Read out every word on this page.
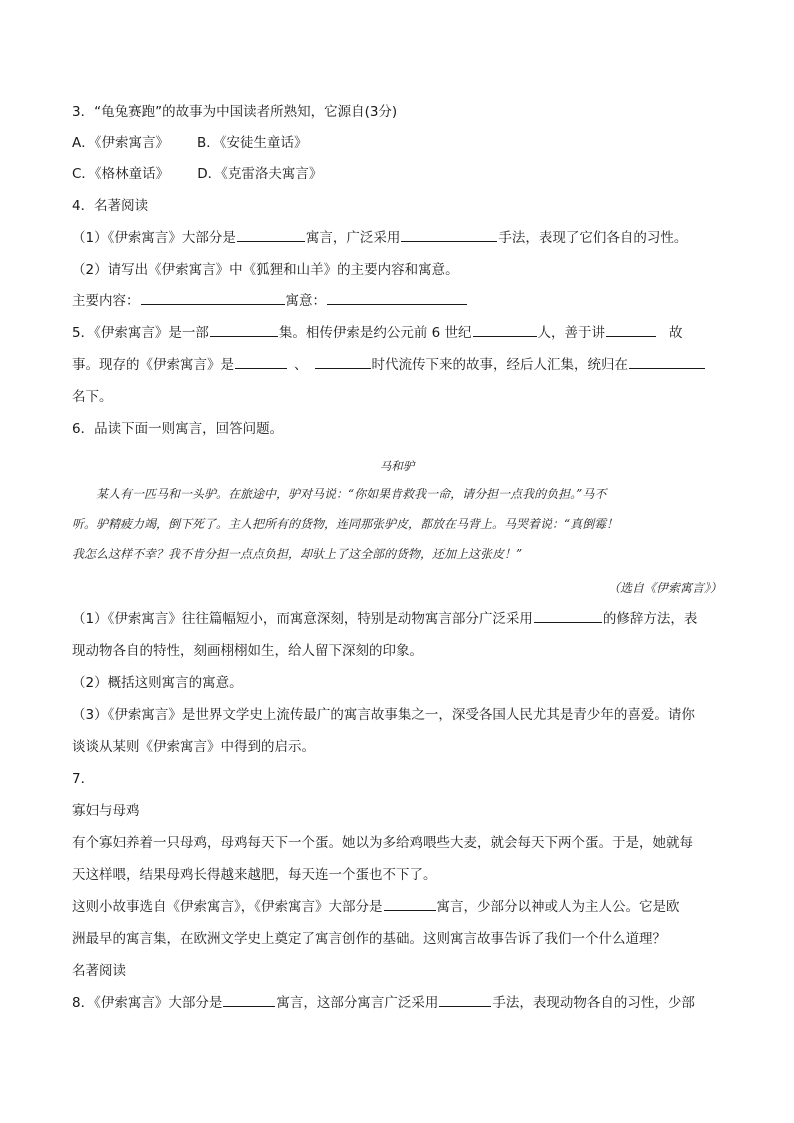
3．“龟兔赛跑”的故事为中国读者所熟知，它源自(3分)
A．《伊索寓言》 B．《安徒生童话》
C．《格林童话》 D．《克雷洛夫寓言》
4．名著阅读
（1）《伊索寓言》大部分是	寓言，广泛采用	手法，表现了它们各自的习性。
（2）请写出《伊索寓言》中《狐狸和山羊》的主要内容和寓意。
主要内容：	寓意：
5．《伊索寓言》是一部	集。相传伊索是约公元前 6 世纪	人，善于讲	故
事。现存的《伊索寓言》是	、	时代流传下来的故事，经后人汇集，统归在
名下。
6．品读下面一则寓言，回答问题。
马和驴
某人有一匹马和一头驴。在旅途中，驴对马说：“你如果肯救我一命，请分担一点我的负担。”马不
听。驴精疲力竭，倒下死了。主人把所有的货物，连同那张驴皮，都放在马背上。马哭着说：“真倒霉！
我怎么这样不幸？我不肯分担一点点负担，却驮上了这全部的货物，还加上这张皮！”
（选自《伊索寓言》）
（1）《伊索寓言》往往篇幅短小，而寓意深刻，特别是动物寓言部分广泛采用	的修辞方法，表
现动物各自的特性，刻画栩栩如生，给人留下深刻的印象。
（2）概括这则寓言的寓意。
（3）《伊索寓言》是世界文学史上流传最广的寓言故事集之一，深受各国人民尤其是青少年的喜爱。请你
谈谈从某则《伊索寓言》中得到的启示。
7．
寡妇与母鸡
有个寡妇养着一只母鸡，母鸡每天下一个蛋。她以为多给鸡喂些大麦，就会每天下两个蛋。于是，她就每
天这样喂，结果母鸡长得越来越肥，每天连一个蛋也不下了。
这则小故事选自《伊索寓言》，《伊索寓言》大部分是	寓言，少部分以神或人为主人公。它是欧
洲最早的寓言集，在欧洲文学史上奠定了寓言创作的基础。这则寓言故事告诉了我们一个什么道理？
名著阅读
8．《伊索寓言》大部分是	寓言，这部分寓言广泛采用	手法，表现动物各自的习性，少部
